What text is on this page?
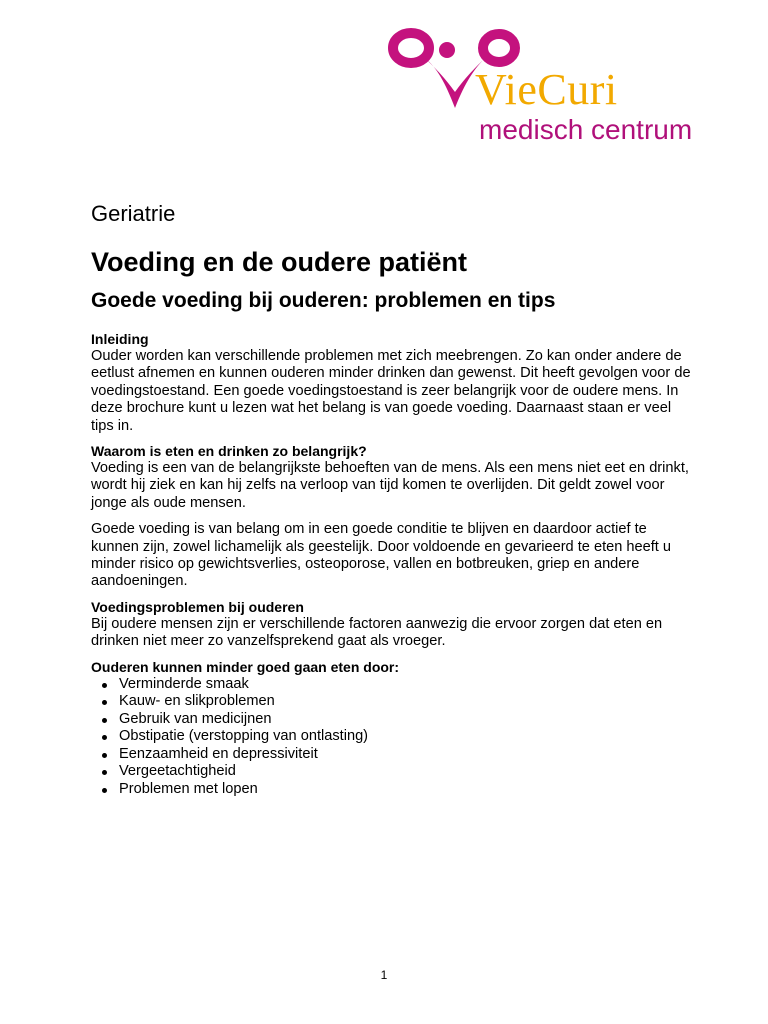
VieCuri
medisch centrum

Geriatrie

Voeding en de oudere patiënt
Goede voeding bij ouderen: problemen en tips
Inleiding

Ouder worden kan verschillende problemen met zich meebrengen. Zo kan onder andere de eetlust afnemen en kunnen ouderen minder drinken dan gewenst. Dit heeft gevolgen voor de voedingstoestand. Een goede voedingstoestand is zeer belangrijk voor de oudere mens. In deze brochure kunt u lezen wat het belang is van goede voeding. Daarnaast staan er veel tips in.

Waarom is eten en drinken zo belangrijk?

Voeding is een van de belangrijkste behoeften van de mens. Als een mens niet eet en drinkt, wordt hij ziek en kan hij zelfs na verloop van tijd komen te overlijden. Dit geldt zowel voor jonge als oude mensen.

Goede voeding is van belang om in een goede conditie te blijven en daardoor actief te kunnen zijn, zowel lichamelijk als geestelijk. Door voldoende en gevarieerd te eten heeft u minder risico op gewichtsverlies, osteoporose, vallen en botbreuken, griep en andere aandoeningen.

Voedingsproblemen bij ouderen

Bij oudere mensen zijn er verschillende factoren aanwezig die ervoor zorgen dat eten en drinken niet meer zo vanzelfsprekend gaat als vroeger.

Ouderen kunnen minder goed gaan eten door:
Verminderde smaak
Kauw- en slikproblemen
Gebruik van medicijnen
Obstipatie (verstopping van ontlasting)
Eenzaamheid en depressiviteit
Vergeetachtigheid
Problemen met lopen
1
